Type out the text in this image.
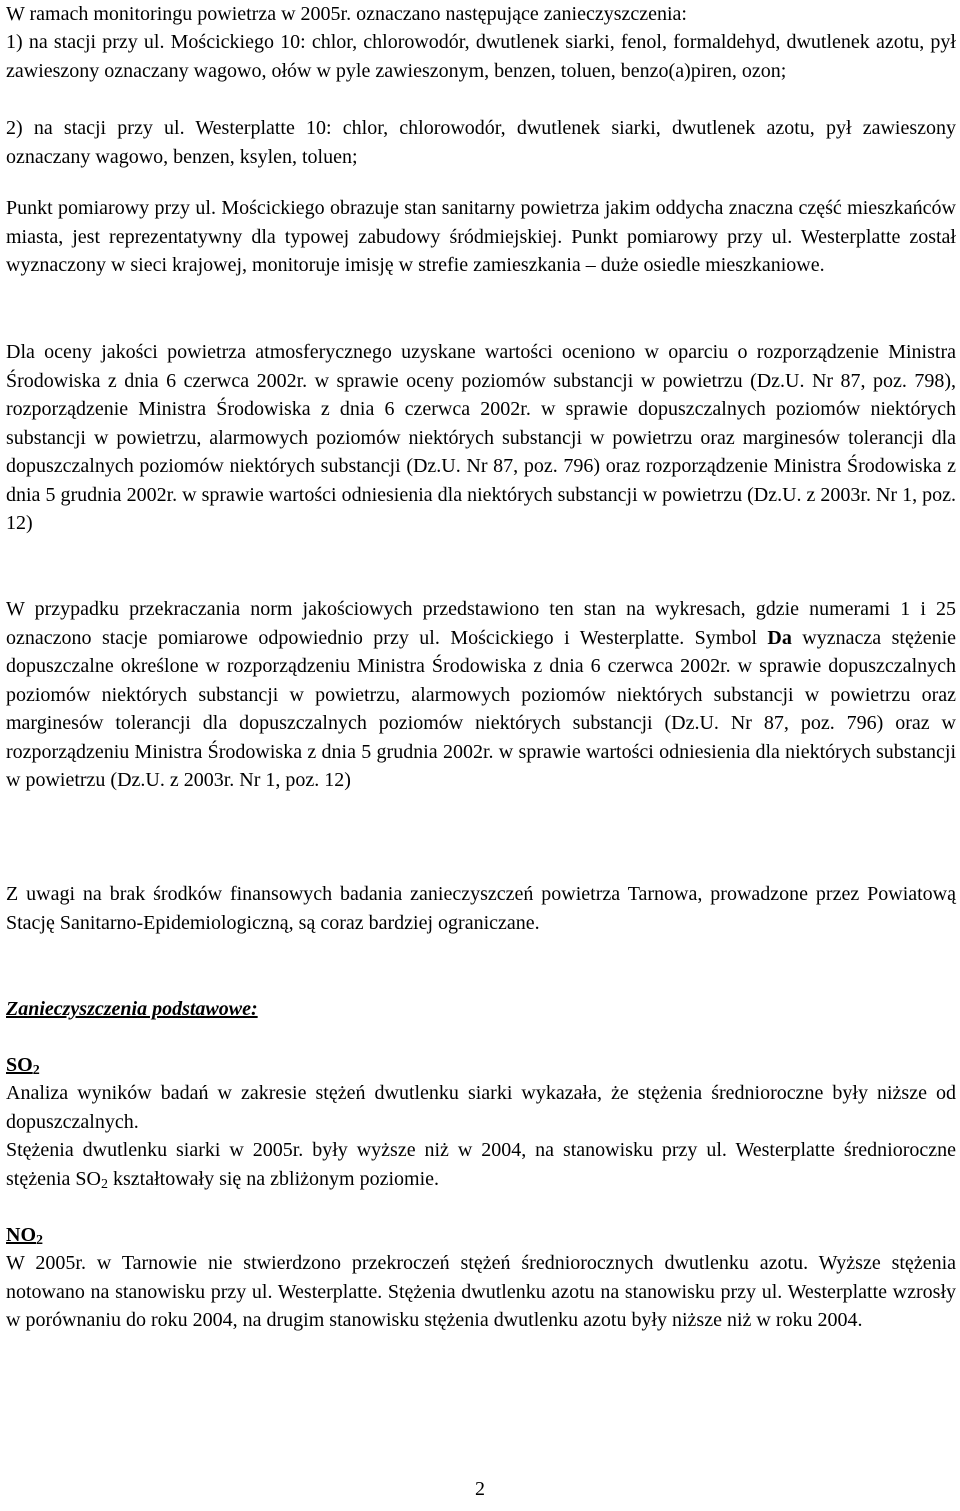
W ramach monitoringu powietrza w 2005r. oznaczano następujące zanieczyszczenia:

1) na stacji przy ul. Mościckiego 10: chlor, chlorowodór, dwutlenek siarki, fenol, formaldehyd, dwutlenek azotu, pył zawieszony oznaczany wagowo, ołów w pyle zawieszonym, benzen, toluen, benzo(a)piren, ozon;

2) na stacji przy ul. Westerplatte 10: chlor, chlorowodór, dwutlenek siarki, dwutlenek azotu, pył zawieszony oznaczany wagowo, benzen, ksylen, toluen;

Punkt pomiarowy przy ul. Mościckiego obrazuje stan sanitarny powietrza jakim oddycha znaczna część mieszkańców miasta, jest reprezentatywny dla typowej zabudowy śródmiejskiej. Punkt pomiarowy przy ul. Westerplatte został wyznaczony w sieci krajowej, monitoruje imisję w strefie zamieszkania – duże osiedle mieszkaniowe.

Dla oceny jakości powietrza atmosferycznego uzyskane wartości oceniono w oparciu o rozporządzenie Ministra Środowiska z dnia 6 czerwca 2002r. w sprawie oceny poziomów substancji w powietrzu (Dz.U. Nr 87, poz. 798), rozporządzenie Ministra Środowiska z dnia 6 czerwca 2002r. w sprawie dopuszczalnych poziomów niektórych substancji w powietrzu, alarmowych poziomów niektórych substancji w powietrzu oraz marginesów tolerancji dla dopuszczalnych poziomów niektórych substancji (Dz.U. Nr 87, poz. 796) oraz rozporządzenie Ministra Środowiska z dnia 5 grudnia 2002r. w sprawie wartości odniesienia dla niektórych substancji w powietrzu (Dz.U. z 2003r. Nr 1, poz. 12)

W przypadku przekraczania norm jakościowych przedstawiono ten stan na wykresach, gdzie numerami 1 i 25 oznaczono stacje pomiarowe odpowiednio przy ul. Mościckiego i Westerplatte. Symbol Da wyznacza stężenie dopuszczalne określone w rozporządzeniu Ministra Środowiska z dnia 6 czerwca 2002r. w sprawie dopuszczalnych poziomów niektórych substancji w powietrzu, alarmowych poziomów niektórych substancji w powietrzu oraz marginesów tolerancji dla dopuszczalnych poziomów niektórych substancji (Dz.U. Nr 87, poz. 796) oraz w rozporządzeniu Ministra Środowiska z dnia 5 grudnia 2002r. w sprawie wartości odniesienia dla niektórych substancji w powietrzu (Dz.U. z 2003r. Nr 1, poz. 12)

Z uwagi na brak środków finansowych badania zanieczyszczeń powietrza Tarnowa, prowadzone przez Powiatową Stację Sanitarno-Epidemiologiczną, są coraz bardziej ograniczane.

Zanieczyszczenia podstawowe:

$SO_2$

Analiza wyników badań w zakresie stężeń dwutlenku siarki wykazała, że stężenia średnioroczne były niższe od dopuszczalnych.

Stężenia dwutlenku siarki w 2005r. były wyższe niż w 2004, na stanowisku przy ul. Westerplatte średnioroczne stężenia $SO_2$ kształtowały się na zbliżonym poziomie.

$NO_2$

W 2005r. w Tarnowie nie stwierdzono przekroczeń stężeń średniorocznych dwutlenku azotu. Wyższe stężenia notowano na stanowisku przy ul. Westerplatte. Stężenia dwutlenku azotu na stanowisku przy ul. Westerplatte wzrosły w porównaniu do roku 2004, na drugim stanowisku stężenia dwutlenku azotu były niższe niż w roku 2004.

2
